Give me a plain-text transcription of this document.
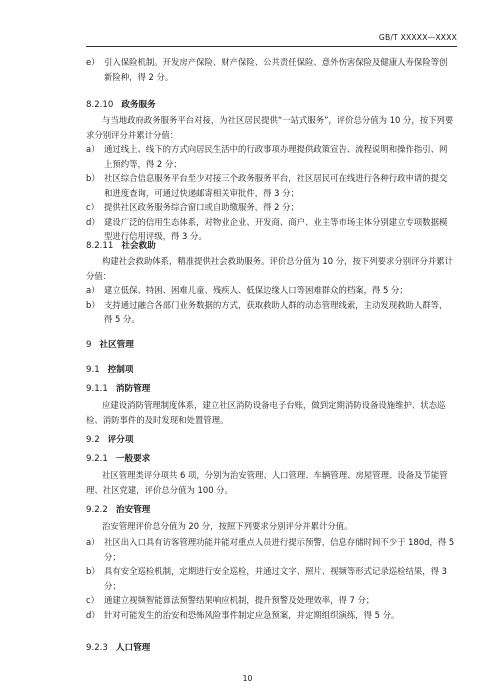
GB/T XXXXX—XXXX
e） 引入保险机制。开发房产保险、财产保险、公共责任保险、意外伤害保险及健康人寿保险等创新险种，得 2 分。
8.2.10 政务服务
与当地政府政务服务平台对接，为社区居民提供“一站式服务”，评价总分值为 10 分，按下列要求分别评分并累计分值：
a） 通过线上、线下的方式向居民生活中的行政事项办理提供政策宣告、流程说明和操作指引、网上预约等，得 2 分；
b） 社区综合信息服务平台至少对接三个政务服务平台，社区居民可在线进行各种行政申请的提交和进度查询，可通过快递邮寄相关审批件，得 3 分；
c） 提供社区政务服务综合窗口或自助缴服务，得 2 分；
d） 建设广泛的信用生态体系，对物业企业、开发商、商户、业主等市场主体分别建立专项数据模型进行信用评级，得 3 分。
8.2.11 社会救助
构建社会救助体系，精准提供社会救助服务。评价总分值为 10 分，按下列要求分别评分并累计分值：
a） 建立低保、特困、困难儿童、残疾人、低保边缘人口等困难群众的档案，得 5 分；
b） 支持通过融合各部门业务数据的方式，获取救助人群的动态管理线索，主动发现救助人群等，得 5 分。
9 社区管理
9.1 控制项
9.1.1 消防管理
应建设消防管理制度体系，建立社区消防设备电子台账，做到定期消防设备设施维护、状态巡检、消防事件的及时发现和处置管理。
9.2 评分项
9.2.1 一般要求
社区管理类评分项共 6 项，分别为治安管理、人口管理、车辆管理、房屋管理、设备及节能管理、社区党建，评价总分值为 100 分。
9.2.2 治安管理
治安管理评价总分值为 20 分，按照下列要求分别评分并累计分值。
a） 社区出入口具有访客管理功能并能对重点人员进行提示预警，信息存储时间不少于 180d，得 5 分；
b） 具有安全巡检机制，定期进行安全巡检，并通过文字、照片、视频等形式记录巡检结果，得 3 分；
c） 通建立视频智能算法预警结果响应机制，提升预警及处理效率，得 7 分；
d） 针对可能发生的治安和恐怖风险事件制定应急预案，并定期组织演练，得 5 分。
9.2.3 人口管理
10
